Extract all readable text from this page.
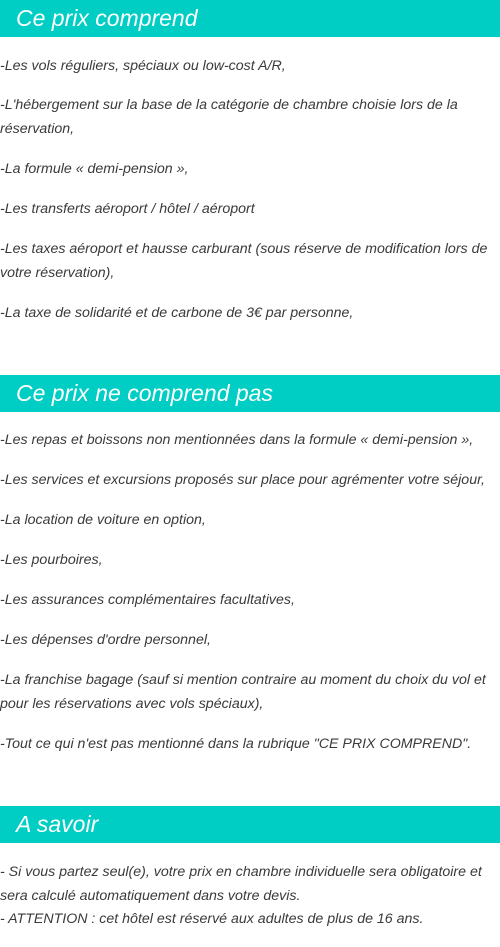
Ce prix comprend

-Les vols réguliers, spéciaux ou low-cost A/R,

-L'hébergement sur la base de la catégorie de chambre choisie lors de la réservation,

-La formule « demi-pension »,

-Les transferts aéroport / hôtel / aéroport

-Les taxes aéroport et hausse carburant (sous réserve de modification lors de votre réservation),

-La taxe de solidarité et de carbone de 3€ par personne,

Ce prix ne comprend pas

-Les repas et boissons non mentionnées dans la formule « demi-pension »,

-Les services et excursions proposés sur place pour agrémenter votre séjour,

-La location de voiture en option,

-Les pourboires,

-Les assurances complémentaires facultatives,

-Les dépenses d'ordre personnel,

-La franchise bagage (sauf si mention contraire au moment du choix du vol et pour les réservations avec vols spéciaux),

-Tout ce qui n'est pas mentionné dans la rubrique "CE PRIX COMPREND".

A savoir

- Si vous partez seul(e), votre prix en chambre individuelle sera obligatoire et sera calculé automatiquement dans votre devis.

- ATTENTION : cet hôtel est réservé aux adultes de plus de 16 ans.
